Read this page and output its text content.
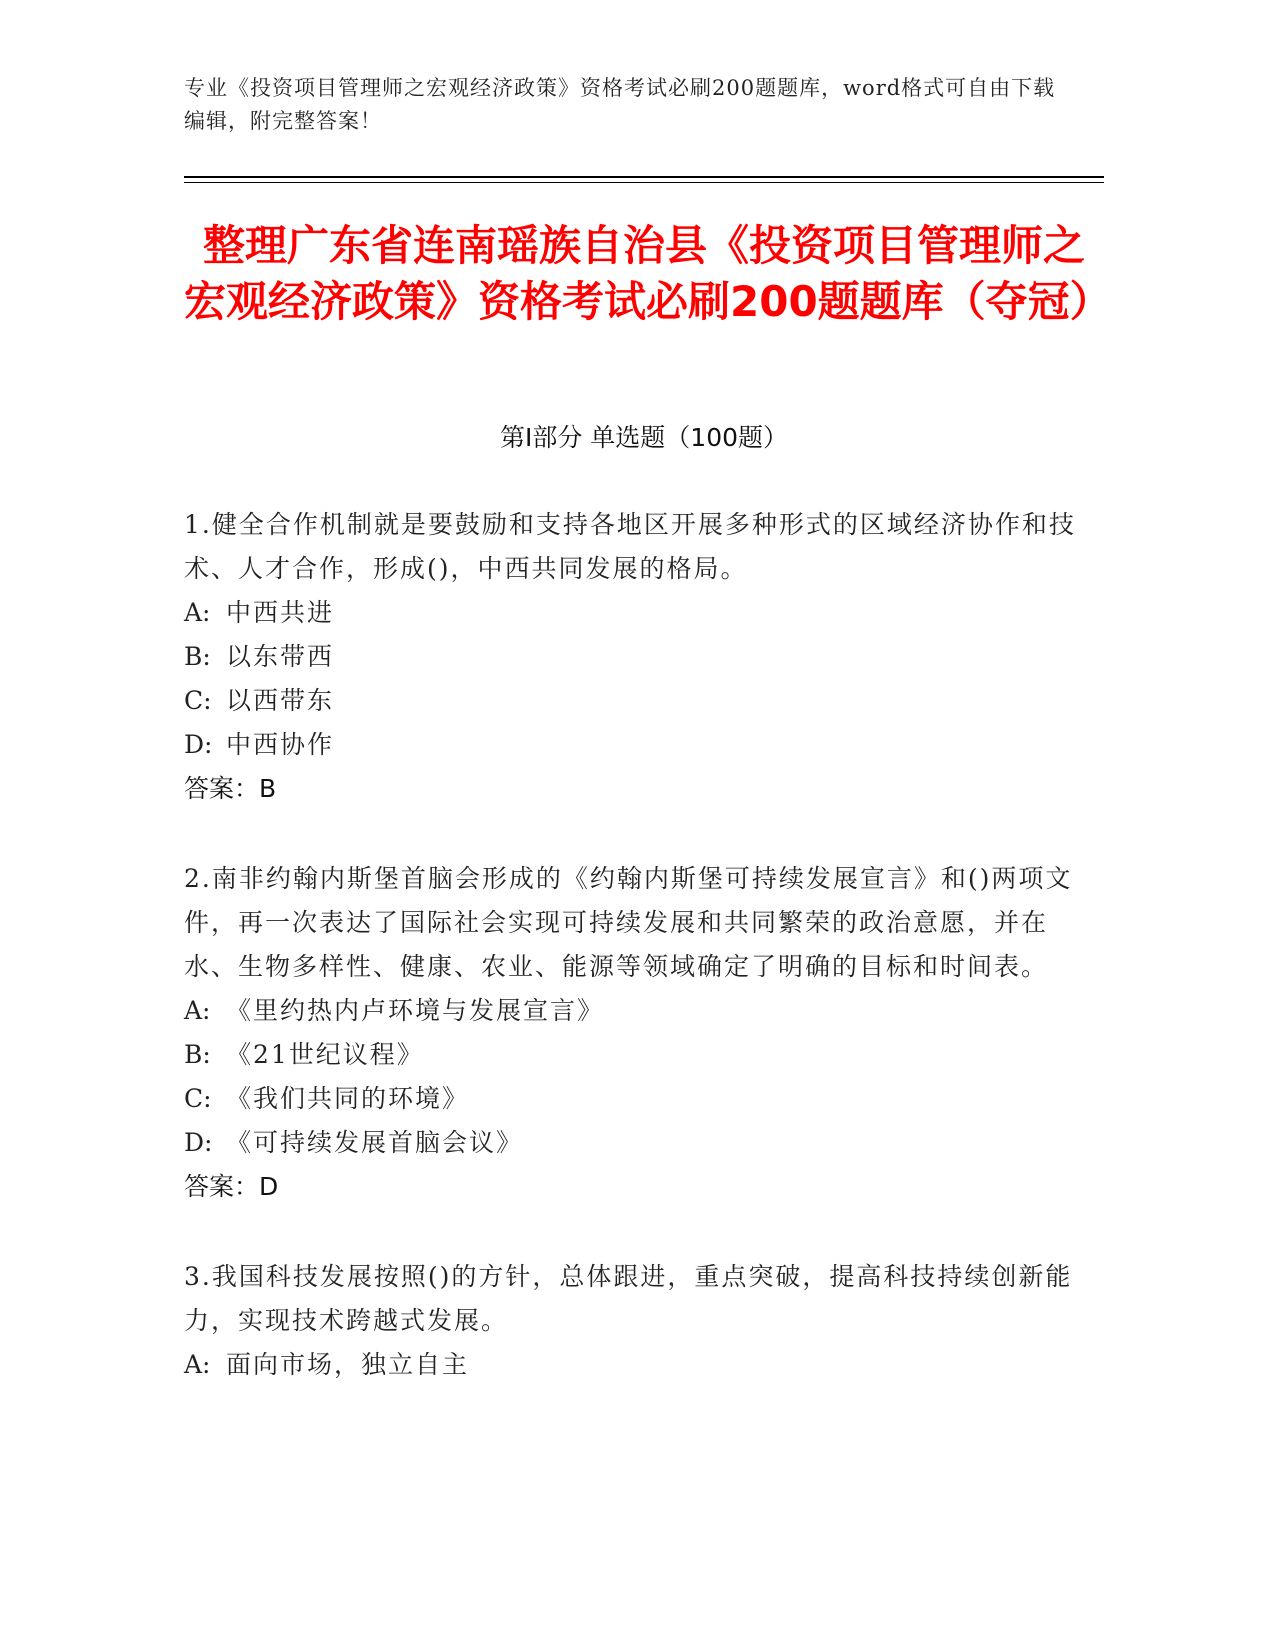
专业《投资项目管理师之宏观经济政策》资格考试必刷200题题库，word格式可自由下载编辑，附完整答案！
整理广东省连南瑶族自治县《投资项目管理师之宏观经济政策》资格考试必刷200题题库（夺冠）
第I部分 单选题（100题）
1.健全合作机制就是要鼓励和支持各地区开展多种形式的区域经济协作和技术、人才合作，形成()，中西共同发展的格局。
A: 中西共进
B: 以东带西
C: 以西带东
D: 中西协作
答案：B
2.南非约翰内斯堡首脑会形成的《约翰内斯堡可持续发展宣言》和()两项文件，再一次表达了国际社会实现可持续发展和共同繁荣的政治意愿，并在水、生物多样性、健康、农业、能源等领域确定了明确的目标和时间表。
A: 《里约热内卢环境与发展宣言》
B: 《21世纪议程》
C: 《我们共同的环境》
D: 《可持续发展首脑会议》
答案：D
3.我国科技发展按照()的方针，总体跟进，重点突破，提高科技持续创新能力，实现技术跨越式发展。
A: 面向市场，独立自主
